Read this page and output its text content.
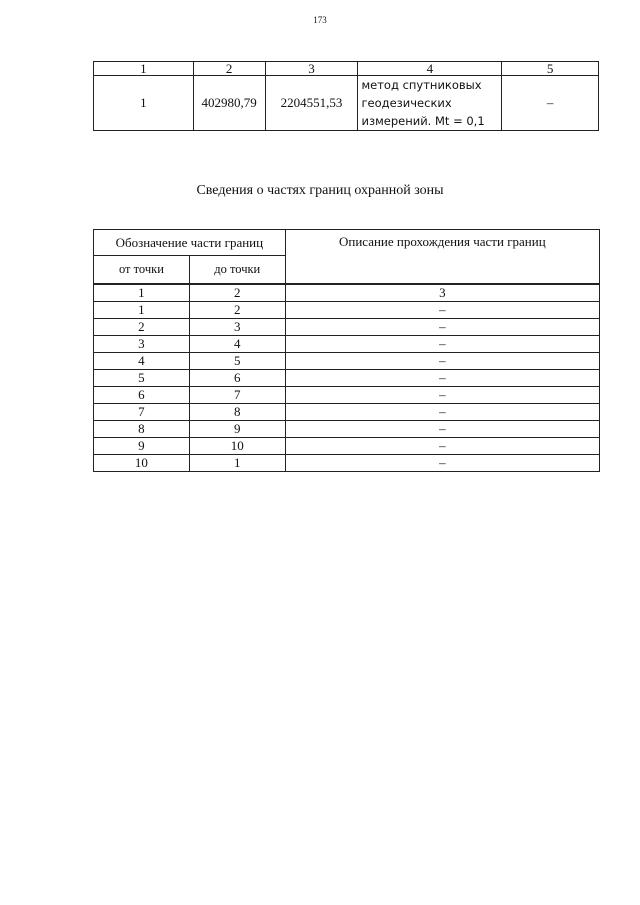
173
1	2	3	4	5
1	402980,79	2204551,53	метод спутниковых
геодезических
измерений. Mt = 0,1	–
Сведения о частях границ охранной зоны
Обозначение части границ		Описание прохождения части границ
от точки	до точки	
1	2	3
1	2	–
2	3	–
3	4	–
4	5	–
5	6	–
6	7	–
7	8	–
8	9	–
9	10	–
10	1	–
